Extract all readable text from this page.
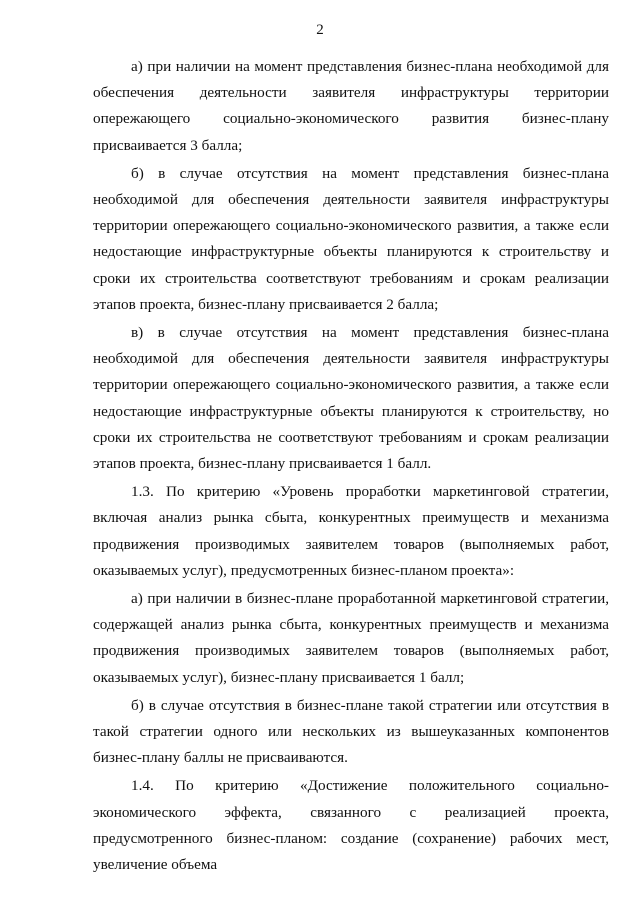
2

а) при наличии на момент представления бизнес-плана необходимой для обеспечения деятельности заявителя инфраструктуры территории опережающего социально-экономического развития бизнес-плану присваивается 3 балла;

б) в случае отсутствия на момент представления бизнес-плана необходимой для обеспечения деятельности заявителя инфраструктуры территории опережающего социально-экономического развития, а также если недостающие инфраструктурные объекты планируются к строительству и сроки их строительства соответствуют требованиям и срокам реализации этапов проекта, бизнес-плану присваивается 2 балла;

в) в случае отсутствия на момент представления бизнес-плана необходимой для обеспечения деятельности заявителя инфраструктуры территории опережающего социально-экономического развития, а также если недостающие инфраструктурные объекты планируются к строительству, но сроки их строительства не соответствуют требованиям и срокам реализации этапов проекта, бизнес-плану присваивается 1 балл.

1.3. По критерию «Уровень проработки маркетинговой стратегии, включая анализ рынка сбыта, конкурентных преимуществ и механизма продвижения производимых заявителем товаров (выполняемых работ, оказываемых услуг), предусмотренных бизнес-планом проекта»:

а) при наличии в бизнес-плане проработанной маркетинговой стратегии, содержащей анализ рынка сбыта, конкурентных преимуществ и механизма продвижения производимых заявителем товаров (выполняемых работ, оказываемых услуг), бизнес-плану присваивается 1 балл;

б) в случае отсутствия в бизнес-плане такой стратегии или отсутствия в такой стратегии одного или нескольких из вышеуказанных компонентов бизнес-плану баллы не присваиваются.

1.4. По критерию «Достижение положительного социально-экономического эффекта, связанного с реализацией проекта, предусмотренного бизнес-планом: создание (сохранение) рабочих мест, увеличение объема
